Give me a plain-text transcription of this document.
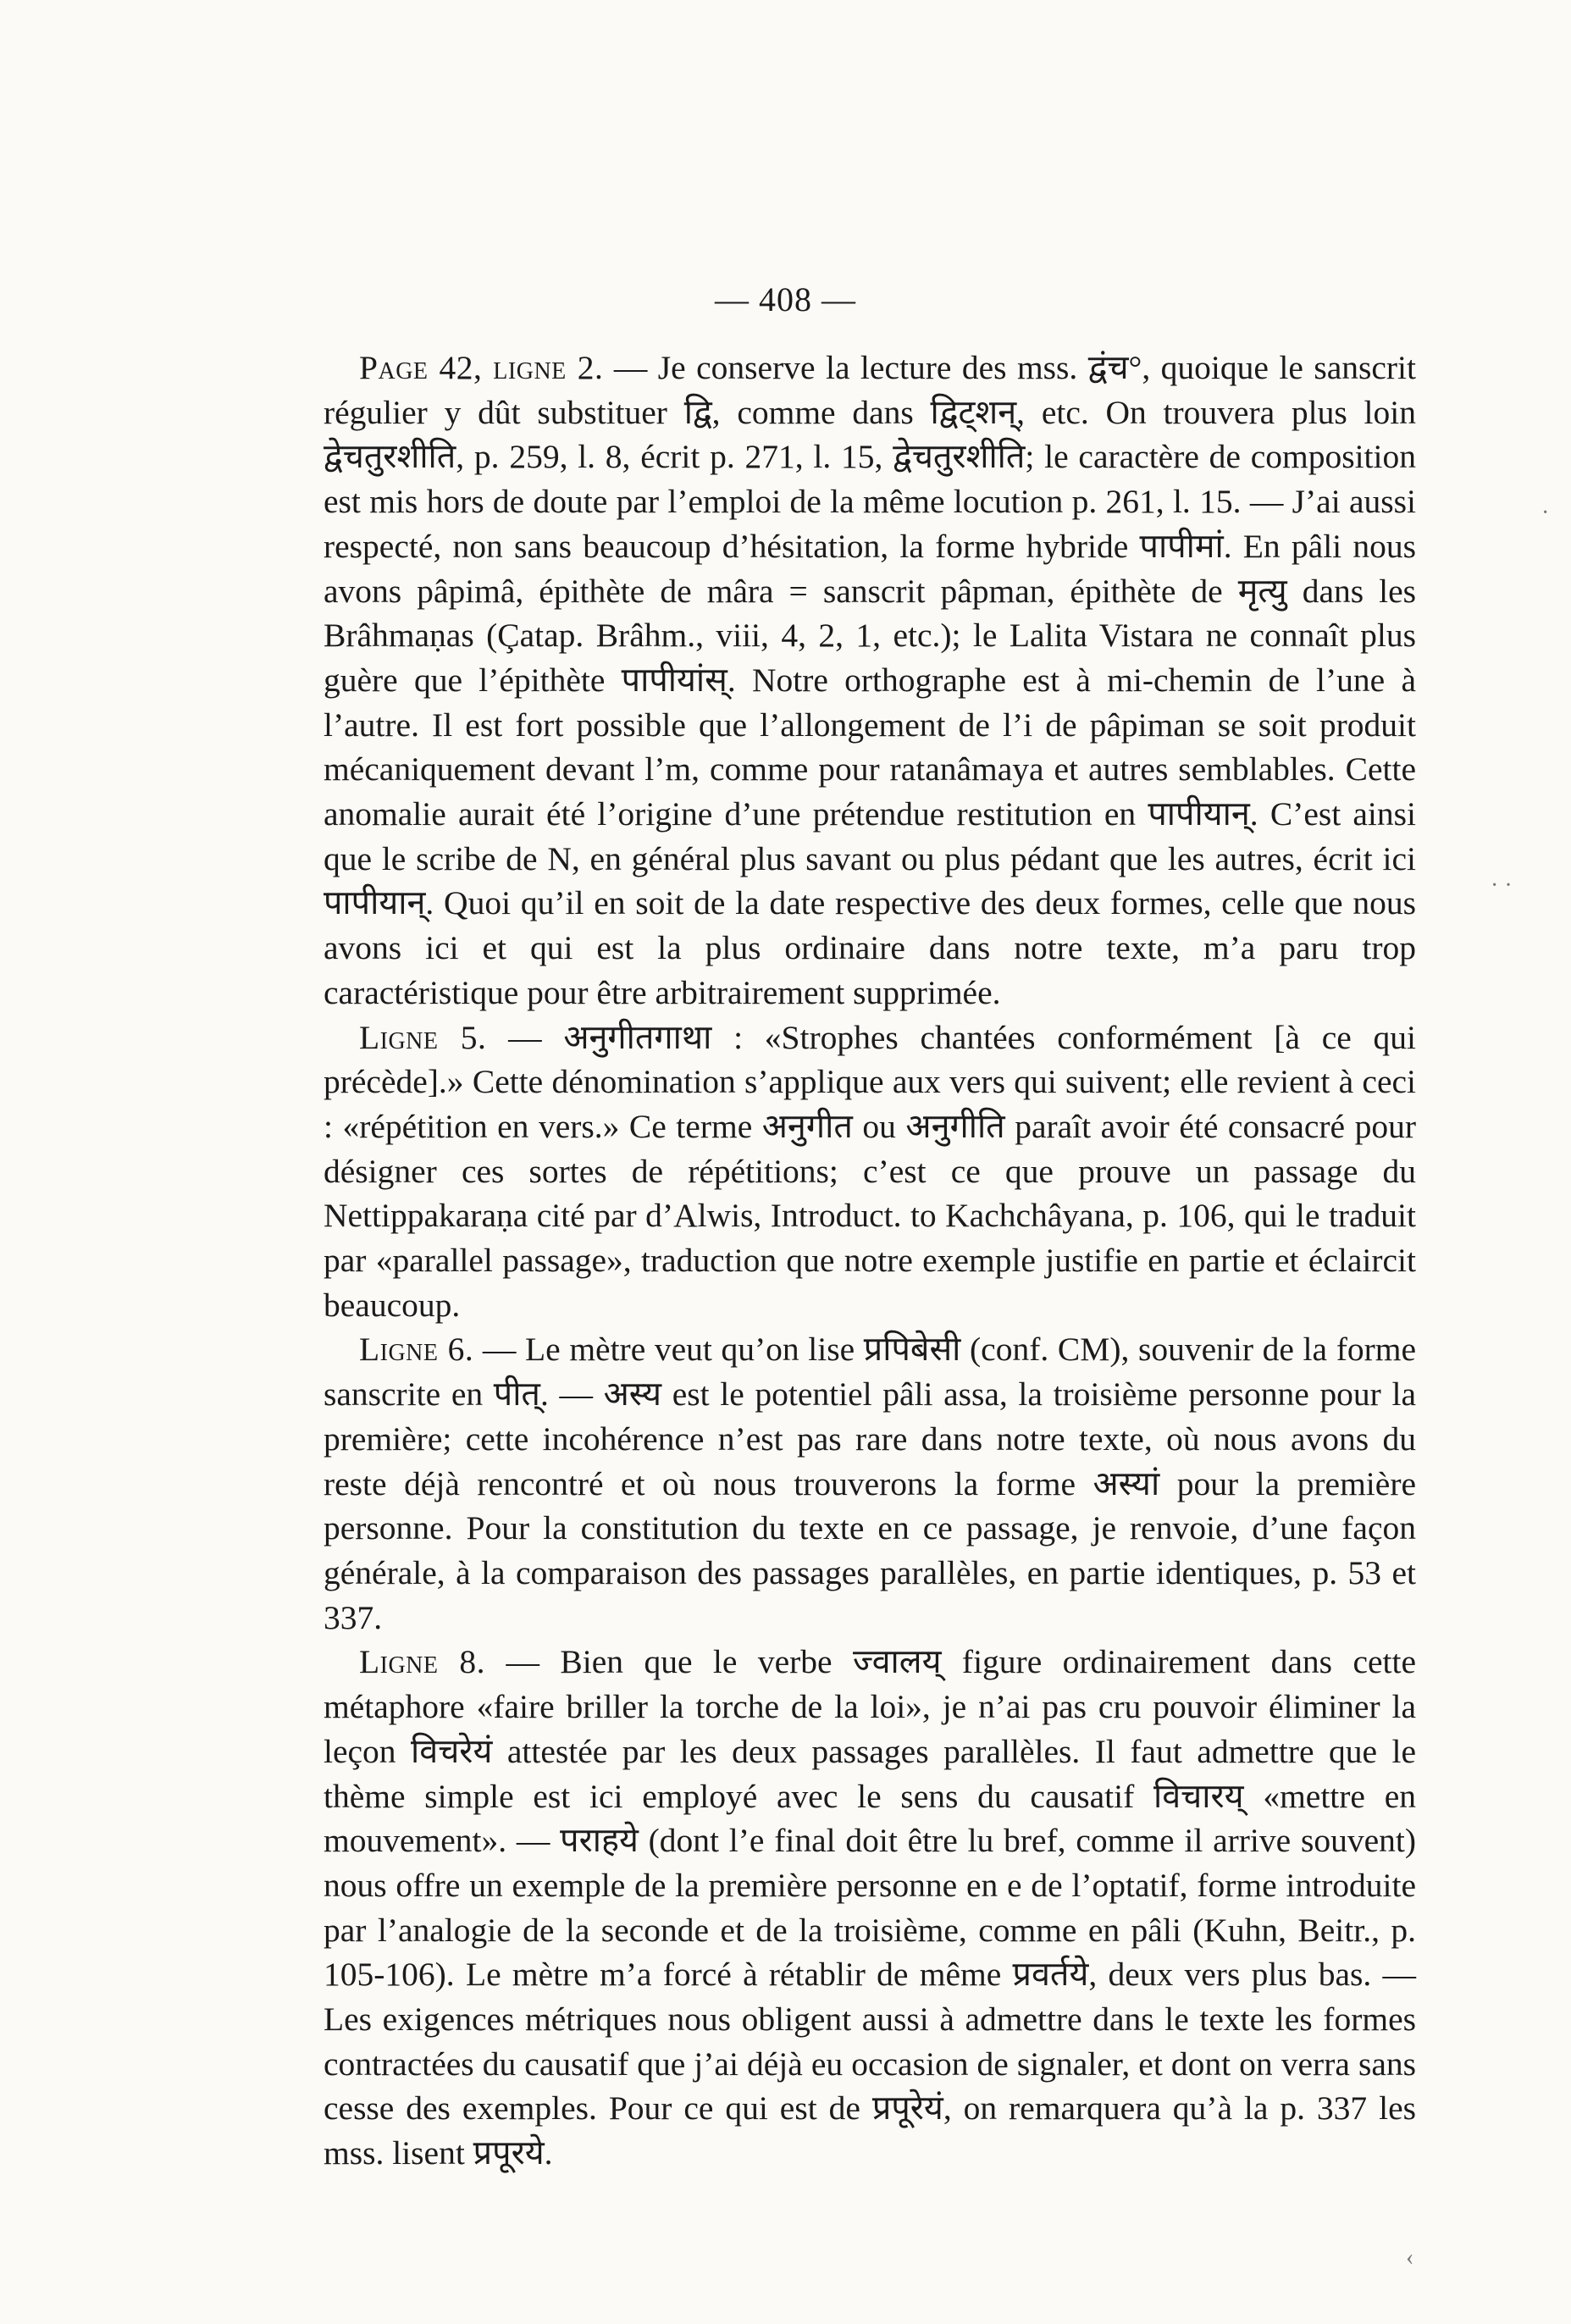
— 408 —

Page 42, ligne 2. — Je conserve la lecture des mss. द्वंच°, quoique le sanscrit régulier y dût substituer द्वि, comme dans द्विट्शन्, etc. On trouvera plus loin द्वेचतुरशीति, p. 259, l. 8, écrit p. 271, l. 15, द्वेचतुरशीति; le caractère de composition est mis hors de doute par l’emploi de la même locution p. 261, l. 15. — J’ai aussi respecté, non sans beaucoup d’hésitation, la forme hybride पापीमां. En pâli nous avons pâpimâ, épithète de mâra = sanscrit pâpman, épithète de मृत्यु dans les Brâhmaṇas (Çatap. Brâhm., viii, 4, 2, 1, etc.); le Lalita Vistara ne connaît plus guère que l’épithète पापीयांस्. Notre orthographe est à mi-chemin de l’une à l’autre. Il est fort possible que l’allongement de l’i de pâpiman se soit produit mécaniquement devant l’m, comme pour ratanâmaya et autres semblables. Cette anomalie aurait été l’origine d’une prétendue restitution en पापीयान्. C’est ainsi que le scribe de N, en général plus savant ou plus pédant que les autres, écrit ici पापीयान्. Quoi qu’il en soit de la date respective des deux formes, celle que nous avons ici et qui est la plus ordinaire dans notre texte, m’a paru trop caractéristique pour être arbitrairement supprimée.

Ligne 5. — अनुगीतगाथा : «Strophes chantées conformément [à ce qui précède].» Cette dénomination s’applique aux vers qui suivent; elle revient à ceci : «répétition en vers.» Ce terme अनुगीत ou अनुगीति paraît avoir été consacré pour désigner ces sortes de répétitions; c’est ce que prouve un passage du Nettippakaraṇa cité par d’Alwis, Introduct. to Kachchâyana, p. 106, qui le traduit par «parallel passage», traduction que notre exemple justifie en partie et éclaircit beaucoup.

Ligne 6. — Le mètre veut qu’on lise प्रपिबेसी (conf. CM), souvenir de la forme sanscrite en पीत्. — अस्य est le potentiel pâli assa, la troisième personne pour la première; cette incohérence n’est pas rare dans notre texte, où nous avons du reste déjà rencontré et où nous trouverons la forme अस्यां pour la première personne. Pour la constitution du texte en ce passage, je renvoie, d’une façon générale, à la comparaison des passages parallèles, en partie identiques, p. 53 et 337.

Ligne 8. — Bien que le verbe ज्वालय् figure ordinairement dans cette métaphore «faire briller la torche de la loi», je n’ai pas cru pouvoir éliminer la leçon विचरेयं attestée par les deux passages parallèles. Il faut admettre que le thème simple est ici employé avec le sens du causatif विचारय् «mettre en mouvement». — पराहये (dont l’e final doit être lu bref, comme il arrive souvent) nous offre un exemple de la première personne en e de l’optatif, forme introduite par l’analogie de la seconde et de la troisième, comme en pâli (Kuhn, Beitr., p. 105-106). Le mètre m’a forcé à rétablir de même प्रवर्तये, deux vers plus bas. — Les exigences métriques nous obligent aussi à admettre dans le texte les formes contractées du causatif que j’ai déjà eu occasion de signaler, et dont on verra sans cesse des exemples. Pour ce qui est de प्रपूरेयं, on remarquera qu’à la p. 337 les mss. lisent प्रपूरये.

·
· ·
‹
